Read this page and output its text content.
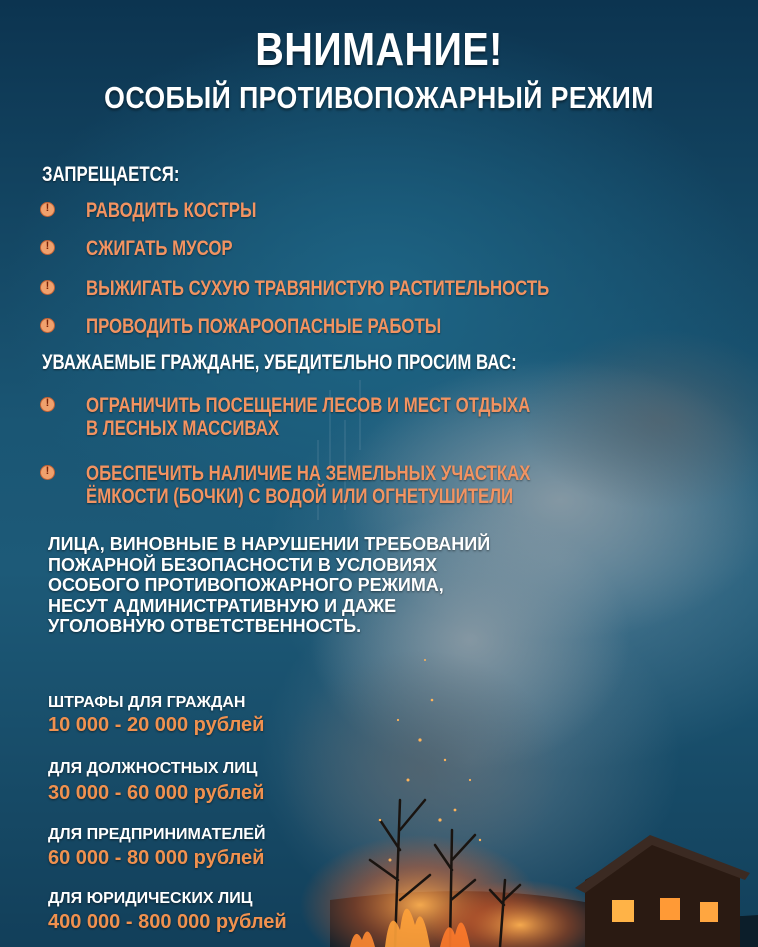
ВНИМАНИЕ!
ОСОБЫЙ ПРОТИВОПОЖАРНЫЙ РЕЖИМ
ЗАПРЕЩАЕТСЯ:
!
РАВОДИТЬ КОСТРЫ
!
СЖИГАТЬ МУСОР
!
ВЫЖИГАТЬ СУХУЮ ТРАВЯНИСТУЮ РАСТИТЕЛЬНОСТЬ
!
ПРОВОДИТЬ ПОЖАРООПАСНЫЕ РАБОТЫ
УВАЖАЕМЫЕ ГРАЖДАНЕ, УБЕДИТЕЛЬНО ПРОСИМ ВАС:
!
ОГРАНИЧИТЬ ПОСЕЩЕНИЕ ЛЕСОВ И МЕСТ ОТДЫХА
В ЛЕСНЫХ МАССИВАХ
!
ОБЕСПЕЧИТЬ НАЛИЧИЕ НА ЗЕМЕЛЬНЫХ УЧАСТКАХ
ЁМКОСТИ (БОЧКИ) С ВОДОЙ ИЛИ ОГНЕТУШИТЕЛИ
ЛИЦА, ВИНОВНЫЕ В НАРУШЕНИИ ТРЕБОВАНИЙ
ПОЖАРНОЙ БЕЗОПАСНОСТИ В УСЛОВИЯХ
ОСОБОГО ПРОТИВОПОЖАРНОГО РЕЖИМА,
НЕСУТ АДМИНИСТРАТИВНУЮ И ДАЖЕ
УГОЛОВНУЮ ОТВЕТСТВЕННОСТЬ.
ШТРАФЫ ДЛЯ ГРАЖДАН
10 000 - 20 000 рублей
ДЛЯ ДОЛЖНОСТНЫХ ЛИЦ
30 000 - 60 000 рублей
ДЛЯ ПРЕДПРИНИМАТЕЛЕЙ
60 000 - 80 000 рублей
ДЛЯ ЮРИДИЧЕСКИХ ЛИЦ
400 000 - 800 000 рублей
